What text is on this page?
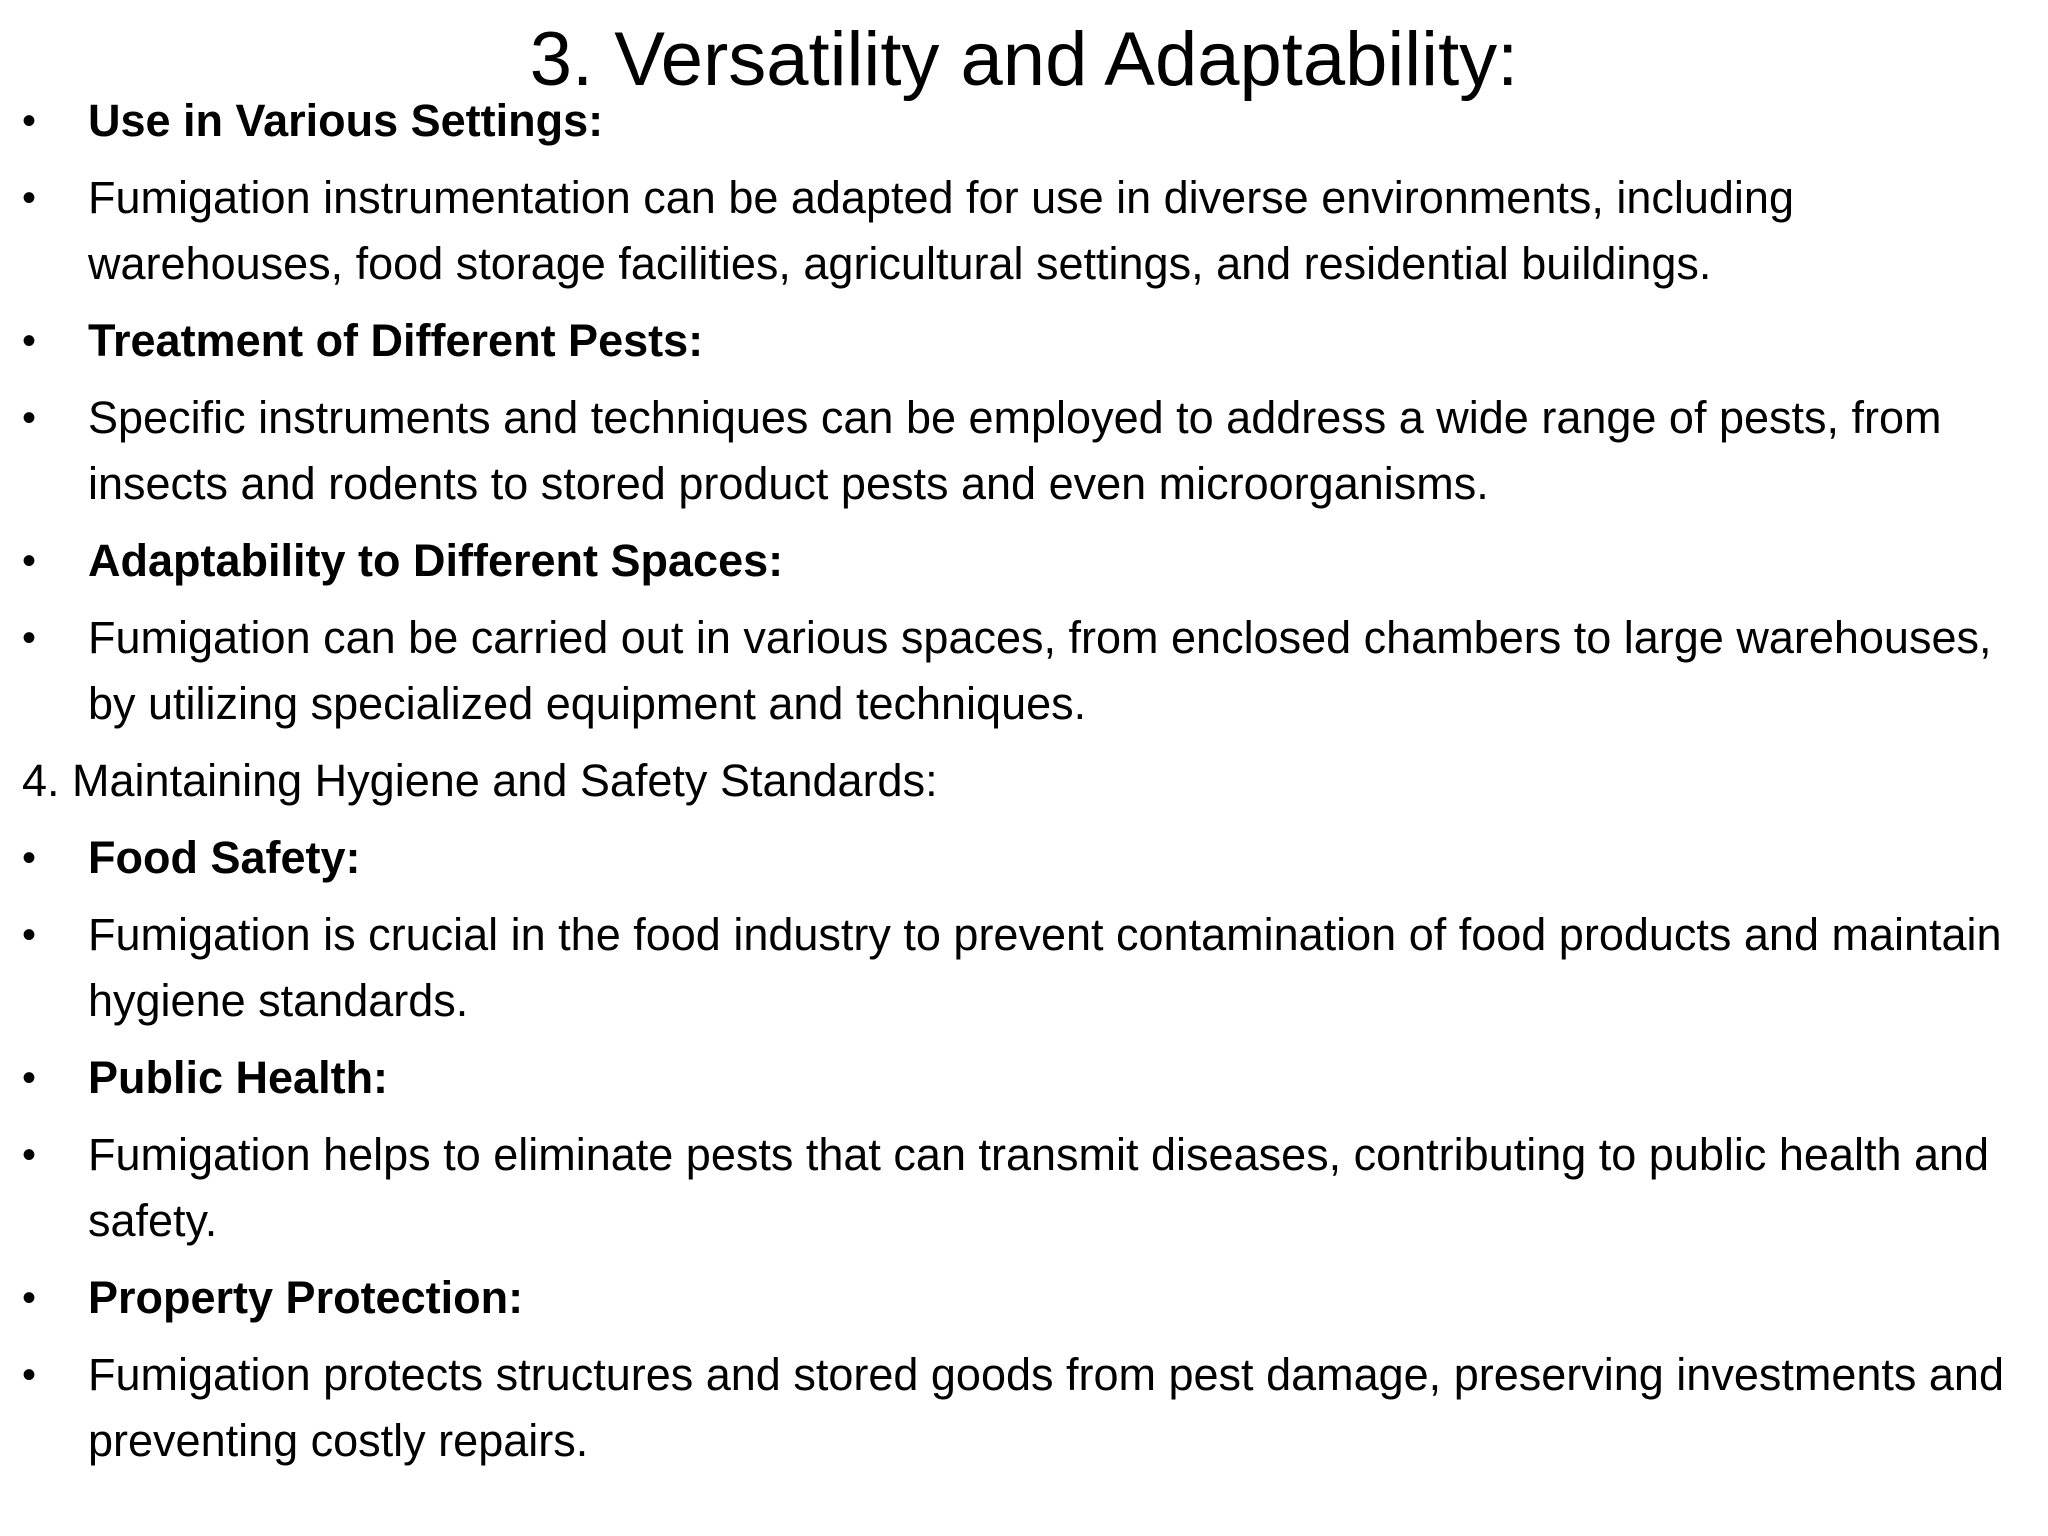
3. Versatility and Adaptability:
•	Use in Various Settings:
•	Fumigation instrumentation can be adapted for use in diverse environments, including warehouses, food storage facilities, agricultural settings, and residential buildings.
•	Treatment of Different Pests:
•	Specific instruments and techniques can be employed to address a wide range of pests, from insects and rodents to stored product pests and even microorganisms.
•	Adaptability to Different Spaces:
•	Fumigation can be carried out in various spaces, from enclosed chambers to large warehouses, by utilizing specialized equipment and techniques.
4. Maintaining Hygiene and Safety Standards:
•	Food Safety:
•	Fumigation is crucial in the food industry to prevent contamination of food products and maintain hygiene standards.
•	Public Health:
•	Fumigation helps to eliminate pests that can transmit diseases, contributing to public health and safety.
•	Property Protection:
•	Fumigation protects structures and stored goods from pest damage, preserving investments and preventing costly repairs.
